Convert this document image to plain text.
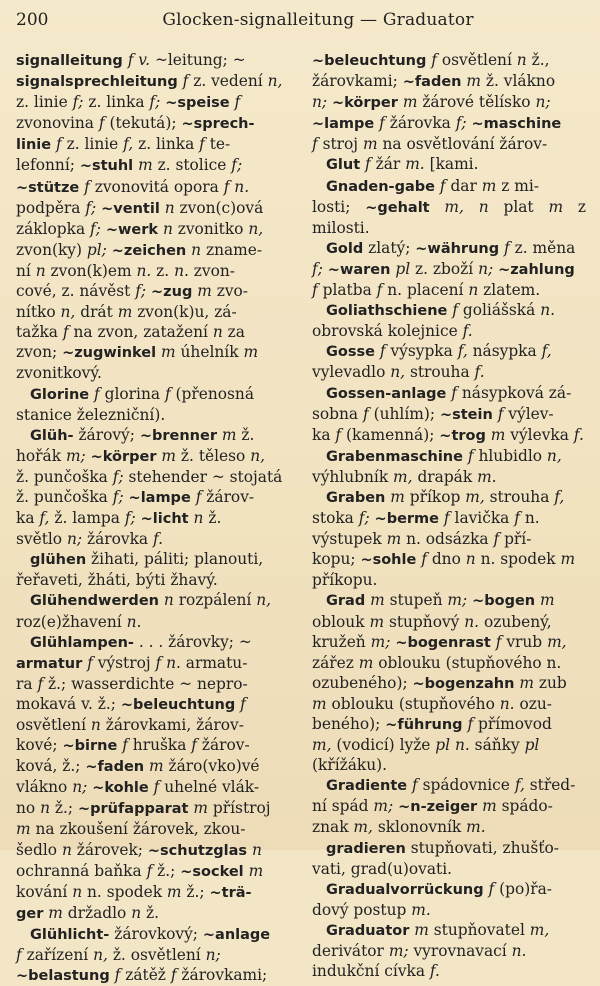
200	Glocken-signalleitung — Graduator

signalleitung f v. ~leitung; ~

signalsprechleitung f z. vedení n,

z. linie f; z. linka f; ~speise f

zvonovina f (tekutá); ~sprech-

linie f z. linie f, z. linka f te-

lefonní; ~stuhl m z. stolice f;

~stütze f zvonovitá opora f n.

podpěra f; ~ventil n zvon(c)ová

záklopka f; ~werk n zvonitko n,

zvon(ky) pl; ~zeichen n zname-

ní n zvon(k)em n. z. n. zvon-

cové, z. návěst f; ~zug m zvo-

nítko n, drát m zvon(k)u, zá-

tažka f na zvon, zatažení n za

zvon; ~zugwinkel m úhelník m

zvonitkový.

Glorine f glorina f (přenosná

stanice železniční).

Glüh- žárový; ~brenner m ž.

hořák m; ~körper m ž. těleso n,

ž. punčoška f; stehender ~ stojatá

ž. punčoška f; ~lampe f žárov-

ka f, ž. lampa f; ~licht n ž.

světlo n; žárovka f.

glühen žihati, páliti; planouti,

řeřaveti, žháti, býti žhavý.

Glühendwerden n rozpálení n,

roz(e)žhavení n.

Glühlampen- . . . žárovky; ~

armatur f výstroj f n. armatu-

ra f ž.; wasserdichte ~ nepro-

mokavá v. ž.; ~beleuchtung f

osvětlení n žárovkami, žárov-

kové; ~birne f hruška f žárov-

ková, ž.; ~faden m žáro(vko)vé

vlákno n; ~kohle f uhelné vlák-

no n ž.; ~prüfapparat m přístroj

m na zkoušení žárovek, zkou-

šedlo n žárovek; ~schutzglas n

ochranná baňka f ž.; ~sockel m

kování n n. spodek m ž.; ~trä-

ger m držadlo n ž.

Glühlicht- žárovkový; ~anlage

f zařízení n, ž. osvětlení n;

~belastung f zátěž f žárovkami;

~beleuchtung f osvětlení n ž.,

žárovkami; ~faden m ž. vlákno

n; ~körper m žárové tělísko n;

~lampe f žárovka f; ~maschine

f stroj m na osvětlování žárov-

Glut f žár m. [kami.

Gnaden-gabe f dar m z mi-

losti; ~gehalt m, n plat m z milosti.

Gold zlatý; ~währung f z. měna

f; ~waren pl z. zboží n; ~zahlung

f platba f n. placení n zlatem.

Goliathschiene f goliášská n.

obrovská kolejnice f.

Gosse f výsypka f, násypka f,

vylevadlo n, strouha f.

Gossen-anlage f násypková zá-

sobna f (uhlím); ~stein f výlev-

ka f (kamenná); ~trog m výlevka f.

Grabenmaschine f hlubidlo n,

výhlubník m, drapák m.

Graben m příkop m, strouha f,

stoka f; ~berme f lavička f n.

výstupek m n. odsázka f pří-

kopu; ~sohle f dno n n. spodek m

příkopu.

Grad m stupeň m; ~bogen m

oblouk m stupňový n. ozubený,

kružeň m; ~bogenrast f vrub m,

zářez m oblouku (stupňového n.

ozubeného); ~bogenzahn m zub

m oblouku (stupňového n. ozu-

beného); ~führung f přímovod

m, (vodicí) lyže pl n. sáňky pl

(křížáku).

Gradiente f spádovnice f, střed-

ní spád m; ~n-zeiger m spádo-

znak m, sklonovník m.

gradieren stupňovati, zhušťo-

vati, grad(u)ovati.

Gradualvorrückung f (po)řa-

dový postup m.

Graduator m stupňovatel m,

derivátor m; vyrovnavací n.

indukční cívka f.
